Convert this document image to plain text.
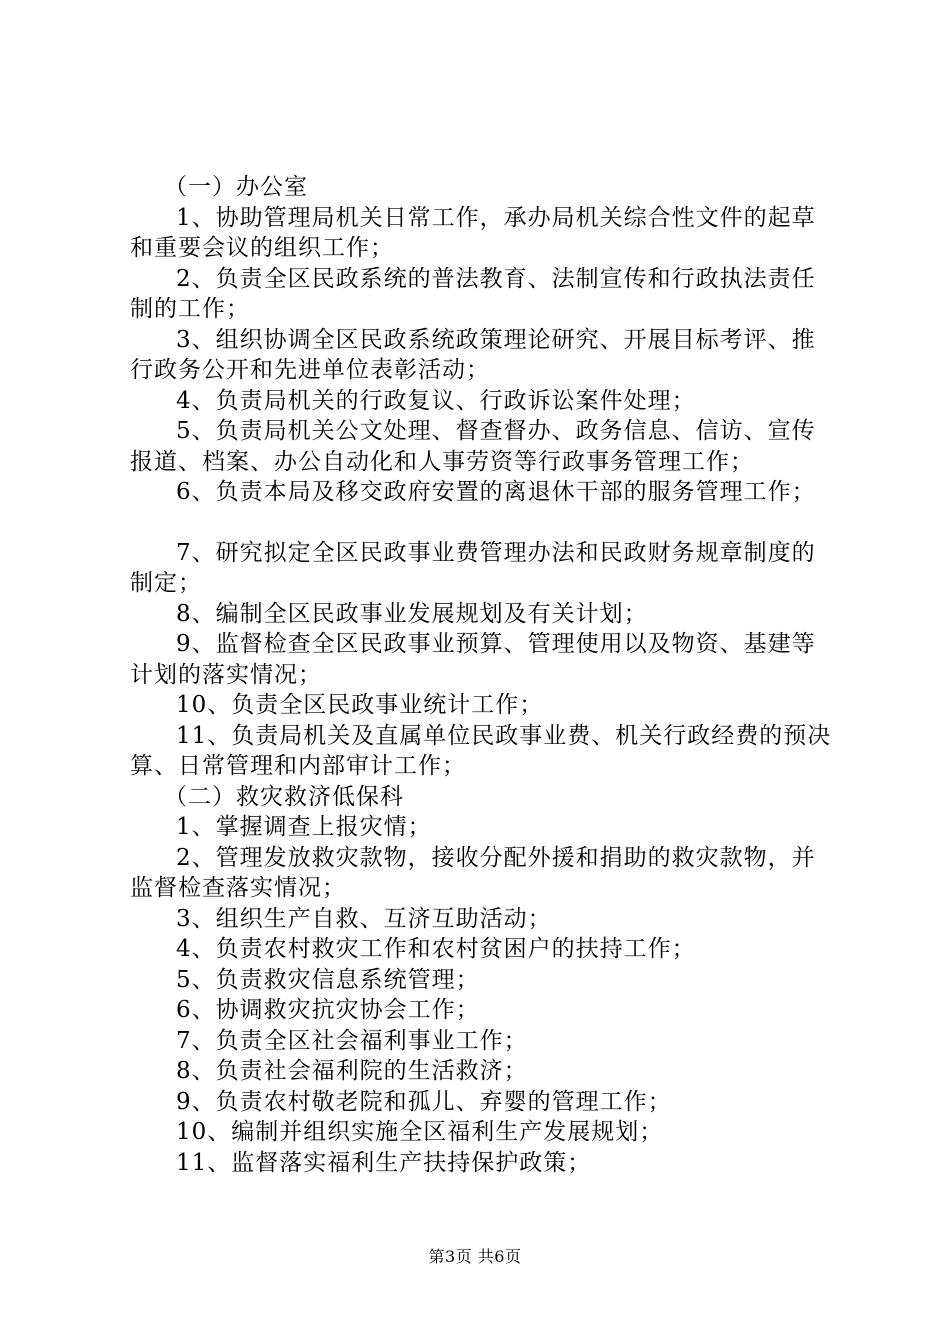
（一）办公室

1、协助管理局机关日常工作，承办局机关综合性文件的起草和重要会议的组织工作；

2、负责全区民政系统的普法教育、法制宣传和行政执法责任制的工作；

3、组织协调全区民政系统政策理论研究、开展目标考评、推行政务公开和先进单位表彰活动；

4、负责局机关的行政复议、行政诉讼案件处理；

5、负责局机关公文处理、督查督办、政务信息、信访、宣传报道、档案、办公自动化和人事劳资等行政事务管理工作；

6、负责本局及移交政府安置的离退休干部的服务管理工作；

7、研究拟定全区民政事业费管理办法和民政财务规章制度的制定；

8、编制全区民政事业发展规划及有关计划；

9、监督检查全区民政事业预算、管理使用以及物资、基建等计划的落实情况；

10、负责全区民政事业统计工作；

11、负责局机关及直属单位民政事业费、机关行政经费的预决算、日常管理和内部审计工作；

（二）救灾救济低保科

1、掌握调查上报灾情；

2、管理发放救灾款物，接收分配外援和捐助的救灾款物，并监督检查落实情况；

3、组织生产自救、互济互助活动；

4、负责农村救灾工作和农村贫困户的扶持工作；

5、负责救灾信息系统管理；

6、协调救灾抗灾协会工作；

7、负责全区社会福利事业工作；

8、负责社会福利院的生活救济；

9、负责农村敬老院和孤儿、弃婴的管理工作；

10、编制并组织实施全区福利生产发展规划；

11、监督落实福利生产扶持保护政策；

第3页 共6页
